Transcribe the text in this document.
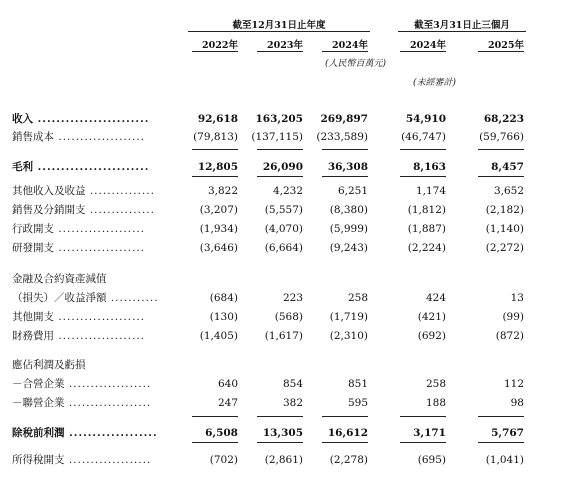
截至12月31日止年度	截至3月31日止三個月
2022年	2023年	2024年	2024年	2025年
(人民幣百萬元)
(未經審計)
收入 ........................	92,618	163,205	269,897	54,910	68,223
銷售成本 ....................	(79,813)	(137,115)	(233,589)	(46,747)	(59,766)
毛利 ........................	12,805	26,090	36,308	8,163	8,457
其他收入及收益 ...............	3,822	4,232	6,251	1,174	3,652
銷售及分銷開支 ...............	(3,207)	(5,557)	(8,380)	(1,812)	(2,182)
行政開支 ....................	(1,934)	(4,070)	(5,999)	(1,887)	(1,140)
研發開支 ....................	(3,646)	(6,664)	(9,243)	(2,224)	(2,272)
金融及合約資產減值
（損失）／收益淨額 ...........	(684)	223	258	424	13
其他開支 ....................	(130)	(568)	(1,719)	(421)	(99)
財務費用 ....................	(1,405)	(1,617)	(2,310)	(692)	(872)
應佔利潤及虧損
－合營企業 ...................	640	854	851	258	112
－聯營企業 ...................	247	382	595	188	98
除稅前利潤 ...................	6,508	13,305	16,612	3,171	5,767
所得稅開支 ...................	(702)	(2,861)	(2,278)	(695)	(1,041)
